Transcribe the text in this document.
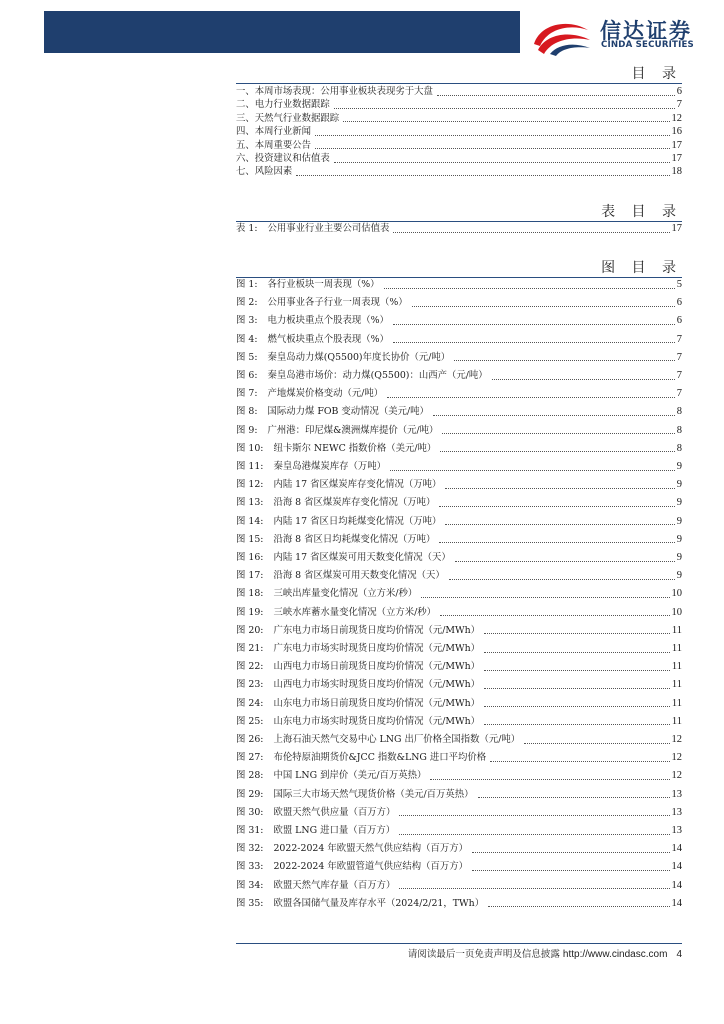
信达证券
CINDA SECURITIES
目 录
一、本周市场表现：公用事业板块表现劣于大盘	6
二、电力行业数据跟踪	7
三、天然气行业数据跟踪	12
四、本周行业新闻	16
五、本周重要公告	17
六、投资建议和估值表	17
七、风险因素	18
表 目 录
表 1: 公用事业行业主要公司估值表	17
图 目 录
图 1: 各行业板块一周表现（%）	5
图 2: 公用事业各子行业一周表现（%）	6
图 3: 电力板块重点个股表现（%）	6
图 4: 燃气板块重点个股表现（%）	7
图 5: 秦皇岛动力煤(Q5500)年度长协价（元/吨）	7
图 6: 秦皇岛港市场价：动力煤(Q5500)：山西产（元/吨）	7
图 7: 产地煤炭价格变动（元/吨）	7
图 8: 国际动力煤 FOB 变动情况（美元/吨）	8
图 9: 广州港：印尼煤&澳洲煤库提价（元/吨）	8
图 10: 纽卡斯尔 NEWC 指数价格（美元/吨）	8
图 11: 秦皇岛港煤炭库存（万吨）	9
图 12: 内陆 17 省区煤炭库存变化情况（万吨）	9
图 13: 沿海 8 省区煤炭库存变化情况（万吨）	9
图 14: 内陆 17 省区日均耗煤变化情况（万吨）	9
图 15: 沿海 8 省区日均耗煤变化情况（万吨）	9
图 16: 内陆 17 省区煤炭可用天数变化情况（天）	9
图 17: 沿海 8 省区煤炭可用天数变化情况（天）	9
图 18: 三峡出库量变化情况（立方米/秒）	10
图 19: 三峡水库蓄水量变化情况（立方米/秒）	10
图 20: 广东电力市场日前现货日度均价情况（元/MWh）	11
图 21: 广东电力市场实时现货日度均价情况（元/MWh）	11
图 22: 山西电力市场日前现货日度均价情况（元/MWh）	11
图 23: 山西电力市场实时现货日度均价情况（元/MWh）	11
图 24: 山东电力市场日前现货日度均价情况（元/MWh）	11
图 25: 山东电力市场实时现货日度均价情况（元/MWh）	11
图 26: 上海石油天然气交易中心 LNG 出厂价格全国指数（元/吨）	12
图 27: 布伦特原油期货价&JCC 指数&LNG 进口平均价格	12
图 28: 中国 LNG 到岸价（美元/百万英热）	12
图 29: 国际三大市场天然气现货价格（美元/百万英热）	13
图 30: 欧盟天然气供应量（百万方）	13
图 31: 欧盟 LNG 进口量（百万方）	13
图 32: 2022-2024 年欧盟天然气供应结构（百万方）	14
图 33: 2022-2024 年欧盟管道气供应结构（百万方）	14
图 34: 欧盟天然气库存量（百万方）	14
图 35: 欧盟各国储气量及库存水平（2024/2/21，TWh）	14
请阅读最后一页免责声明及信息披露 http://www.cindasc.com 4
